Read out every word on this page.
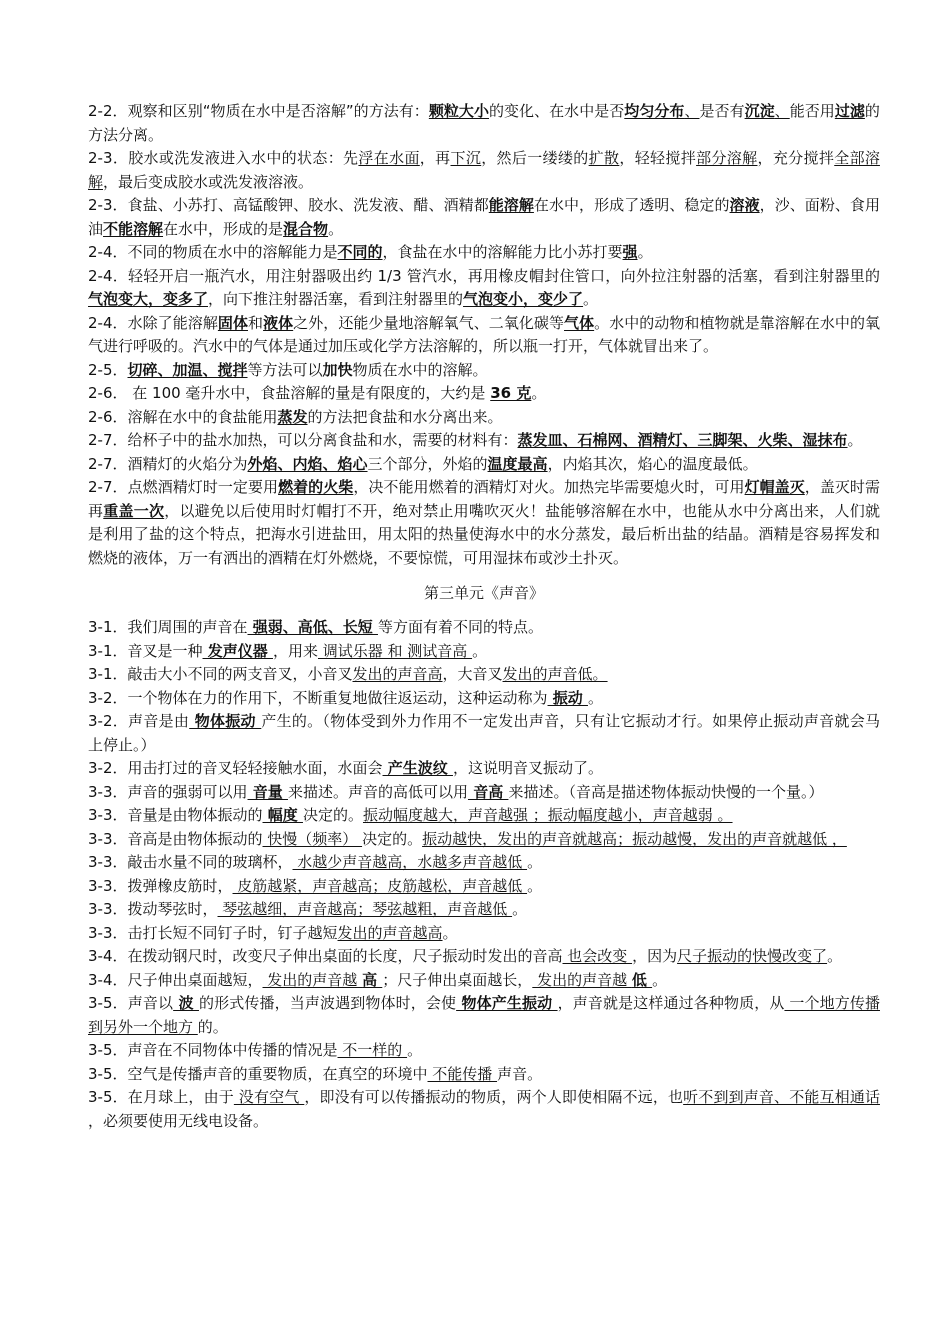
2-2．观察和区别“物质在水中是否溶解”的方法有：颗粒大小的变化、在水中是否均匀分布、是否有沉淀、能否用过滤的方法分离。

2-3．胶水或洗发液进入水中的状态：先浮在水面，再下沉，然后一缕缕的扩散，轻轻搅拌部分溶解，充分搅拌全部溶解，最后变成胶水或洗发液溶液。

2-3．食盐、小苏打、高锰酸钾、胶水、洗发液、醋、酒精都能溶解在水中，形成了透明、稳定的溶液，沙、面粉、食用油不能溶解在水中，形成的是混合物。

2-4．不同的物质在水中的溶解能力是不同的，食盐在水中的溶解能力比小苏打要强。

2-4．轻轻开启一瓶汽水，用注射器吸出约 1/3 管汽水，再用橡皮帽封住管口，向外拉注射器的活塞，看到注射器里的气泡变大，变多了，向下推注射器活塞，看到注射器里的气泡变小，变少了。

2-4．水除了能溶解固体和液体之外，还能少量地溶解氧气、二氧化碳等气体。水中的动物和植物就是靠溶解在水中的氧气进行呼吸的。汽水中的气体是通过加压或化学方法溶解的，所以瓶一打开，气体就冒出来了。

2-5．切碎、加温、搅拌等方法可以加快物质在水中的溶解。

2-6． 在 100 毫升水中，食盐溶解的量是有限度的，大约是 36 克。

2-6．溶解在水中的食盐能用蒸发的方法把食盐和水分离出来。

2-7．给杯子中的盐水加热，可以分离食盐和水，需要的材料有：蒸发皿、石棉网、酒精灯、三脚架、火柴、湿抹布。

2-7．酒精灯的火焰分为外焰、内焰、焰心三个部分，外焰的温度最高，内焰其次，焰心的温度最低。

2-7．点燃酒精灯时一定要用燃着的火柴，决不能用燃着的酒精灯对火。加热完毕需要熄火时，可用灯帽盖灭，盖灭时需再重盖一次，以避免以后使用时灯帽打不开，绝对禁止用嘴吹灭火！盐能够溶解在水中，也能从水中分离出来，人们就是利用了盐的这个特点，把海水引进盐田，用太阳的热量使海水中的水分蒸发，最后析出盐的结晶。酒精是容易挥发和燃烧的液体，万一有洒出的酒精在灯外燃烧，不要惊慌，可用湿抹布或沙土扑灭。

第三单元《声音》

3-1．我们周围的声音在 强弱、高低、长短 等方面有着不同的特点。

3-1．音叉是一种 发声仪器 ，用来 调试乐器 和 测试音高 。

3-1．敲击大小不同的两支音叉，小音叉发出的声音高，大音叉发出的声音低。

3-2．一个物体在力的作用下，不断重复地做往返运动，这种运动称为 振动 。

3-2．声音是由 物体振动 产生的。（物体受到外力作用不一定发出声音，只有让它振动才行。如果停止振动声音就会马上停止。）

3-2．用击打过的音叉轻轻接触水面，水面会 产生波纹 ，这说明音叉振动了。

3-3．声音的强弱可以用 音量 来描述。声音的高低可以用 音高 来描述。（音高是描述物体振动快慢的一个量。）

3-3．音量是由物体振动的 幅度 决定的。振动幅度越大，声音越强 ；振动幅度越小，声音越弱 。

3-3．音高是由物体振动的 快慢（频率） 决定的。振动越快，发出的声音就越高；振动越慢，发出的声音就越低 ，

3-3．敲击水量不同的玻璃杯， 水越少声音越高，水越多声音越低 。

3-3．拨弹橡皮筋时， 皮筋越紧，声音越高；皮筋越松，声音越低 。

3-3．拨动琴弦时， 琴弦越细，声音越高；琴弦越粗，声音越低 。

3-3．击打长短不同钉子时，钉子越短发出的声音越高。

3-4．在拨动钢尺时，改变尺子伸出桌面的长度，尺子振动时发出的音高 也会改变 ，因为尺子振动的快慢改变了。

3-4．尺子伸出桌面越短， 发出的声音越 高 ；尺子伸出桌面越长， 发出的声音越 低 。

3-5．声音以 波 的形式传播，当声波遇到物体时，会使 物体产生振动 ，声音就是这样通过各种物质，从 一个地方传播到另外一个地方 的。

3-5．声音在不同物体中传播的情况是 不一样的 。

3-5．空气是传播声音的重要物质，在真空的环境中 不能传播 声音。

3-5．在月球上，由于 没有空气 ，即没有可以传播振动的物质，两个人即使相隔不远，也听不到到声音、不能互相通话 ，必须要使用无线电设备。
